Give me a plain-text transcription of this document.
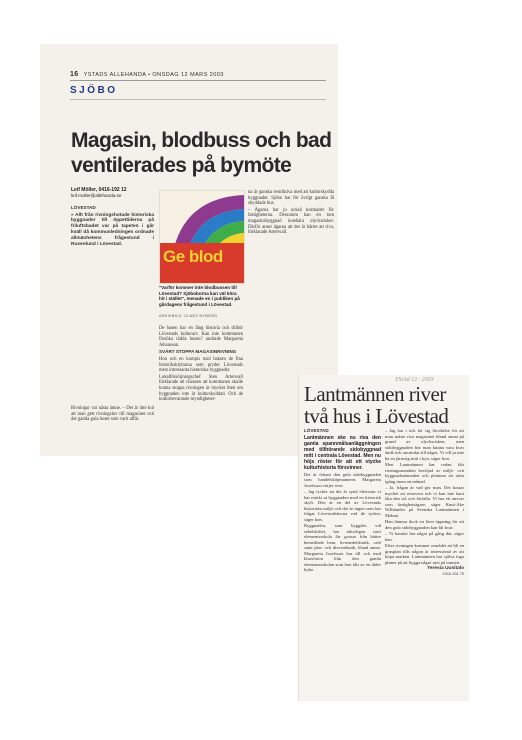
16 YSTADS ALLEHANDA • ONSDAG 12 MARS 2003
SJÖBO
Magasin, blodbuss och bad
ventilerades på bymöte
Leif Möller, 0416-192 12
leif.moller@allehanda.se

LÖVESTAD

» Allt från rivningshotade historiska byggnader till öppettiderna på friluftsbadet var på tapeten i går kväll då kommunledningen ordnade allmänhetens frågestund i Rusenlund i Lövestad.

Rivningar var nästa ämne. – Det är inte kul att man gett rivningslov till magasinet och det gamla gula huset som varit affär.

Ge blod
"Varför kommer inte blodbussen till Lövestad? Sjöboborna kan väl köra hit i stället", menade en i publiken på gårdagens frågestund i Lövestad.
ARKIVBILD: CLAES NYBERG

De basen har en lång historia och tillhör Lövestads kulturarv. Kan inte kommunen försöka rädda husen? undrade Margareta Johansson.

SVÄRT STOPPA MAGASINRIVNING

Hon och en kompis stod bakom de fina historiksklyltarna som pryder Lövestads mest intressanta historiska byggnader.

Lokalförsörjningschef Sten Arterwall förklarade att chansen att kommunen skulle kunna stoppa rivningen är mycket liten om byggnaden inte är kulturskyddad. Och de kulturbevarande myndigheter-

na är ganska restriktiva med att kulturskydda byggnader. Sjöbo har för övrigt ganska få skyddade hus.

– Ägarna har ju också kostnader för fastigheterna. Dessutom kan en tom magasinsbyggnad innebära olycksrisker. Därför anser ägarna att det är bättre att riva, förklarade Arterwall.

YStAd 12 · 2003
Lantmännen river
två hus i Lövestad

LÖVESTAD

Lantmännen ske nu riva den gamla spannmålsanläggningen med tillhörande sidobyggnad mitt i centrala Lövestad. Men nu höjs röster för att ett stycke kulturhistoria försvinner.

Det är främst den gula sidobyggnaden som handelsköpmannens Margareta Josefsson värjer över.

– Jag tycker att det är synd eftersom vi har märkt ut byggnaden med en historisk skylt. Den är en del av Lövestads historiska miljö och det är ingen som har frågat Lövestadsborna vad de tycker, säger hon.

Byggnaden, som byggdes vid sekelskiftet, har säkerligen varit elementarskola för gossar från bättre bemedlade hem, livsmedelsbutik, café samt järn- och diversebutik, bland annat. Margareta Josefsson har till och med klassfoton från den gamla elementarskolan som hon fått av en äldre bybo.

– Jag har i och för sig förståelse för att man måste riva magasinet bland annat på grund av olycksrisken, men sidobyggnaden bör man kunna vara kvar ändå och användas till något. Vi vill ju inte ha en järnväg mitt i byn, säger hon.

Men Lantmännen har redan fått rivningsanmälan beviljad av miljö- och byggnadsnämnden och planerar att sätta igång inom en månad.

– Ja, frågan är vad gör man. Det kostar mycket att renovera och vi kan inte bara låta den stå och förfalla. Vi har ett ansvar som fastighetsägare, säger Knut-Åke Wåhlander på Svenska Lantmännen i Malmö.

Han lämnar dock en liten öppning för att den gula sidobyggnaden kan bli kvar.

– Vi kanske har något på gång där, säger han.

Efter rivningen kommer området att bli en grusplan tills någon är intresserad av att köpa marken. Lantmännen har själva inga planer på att bygga något nytt på tomten.

Teresia Uusitalo
0416-331 75
